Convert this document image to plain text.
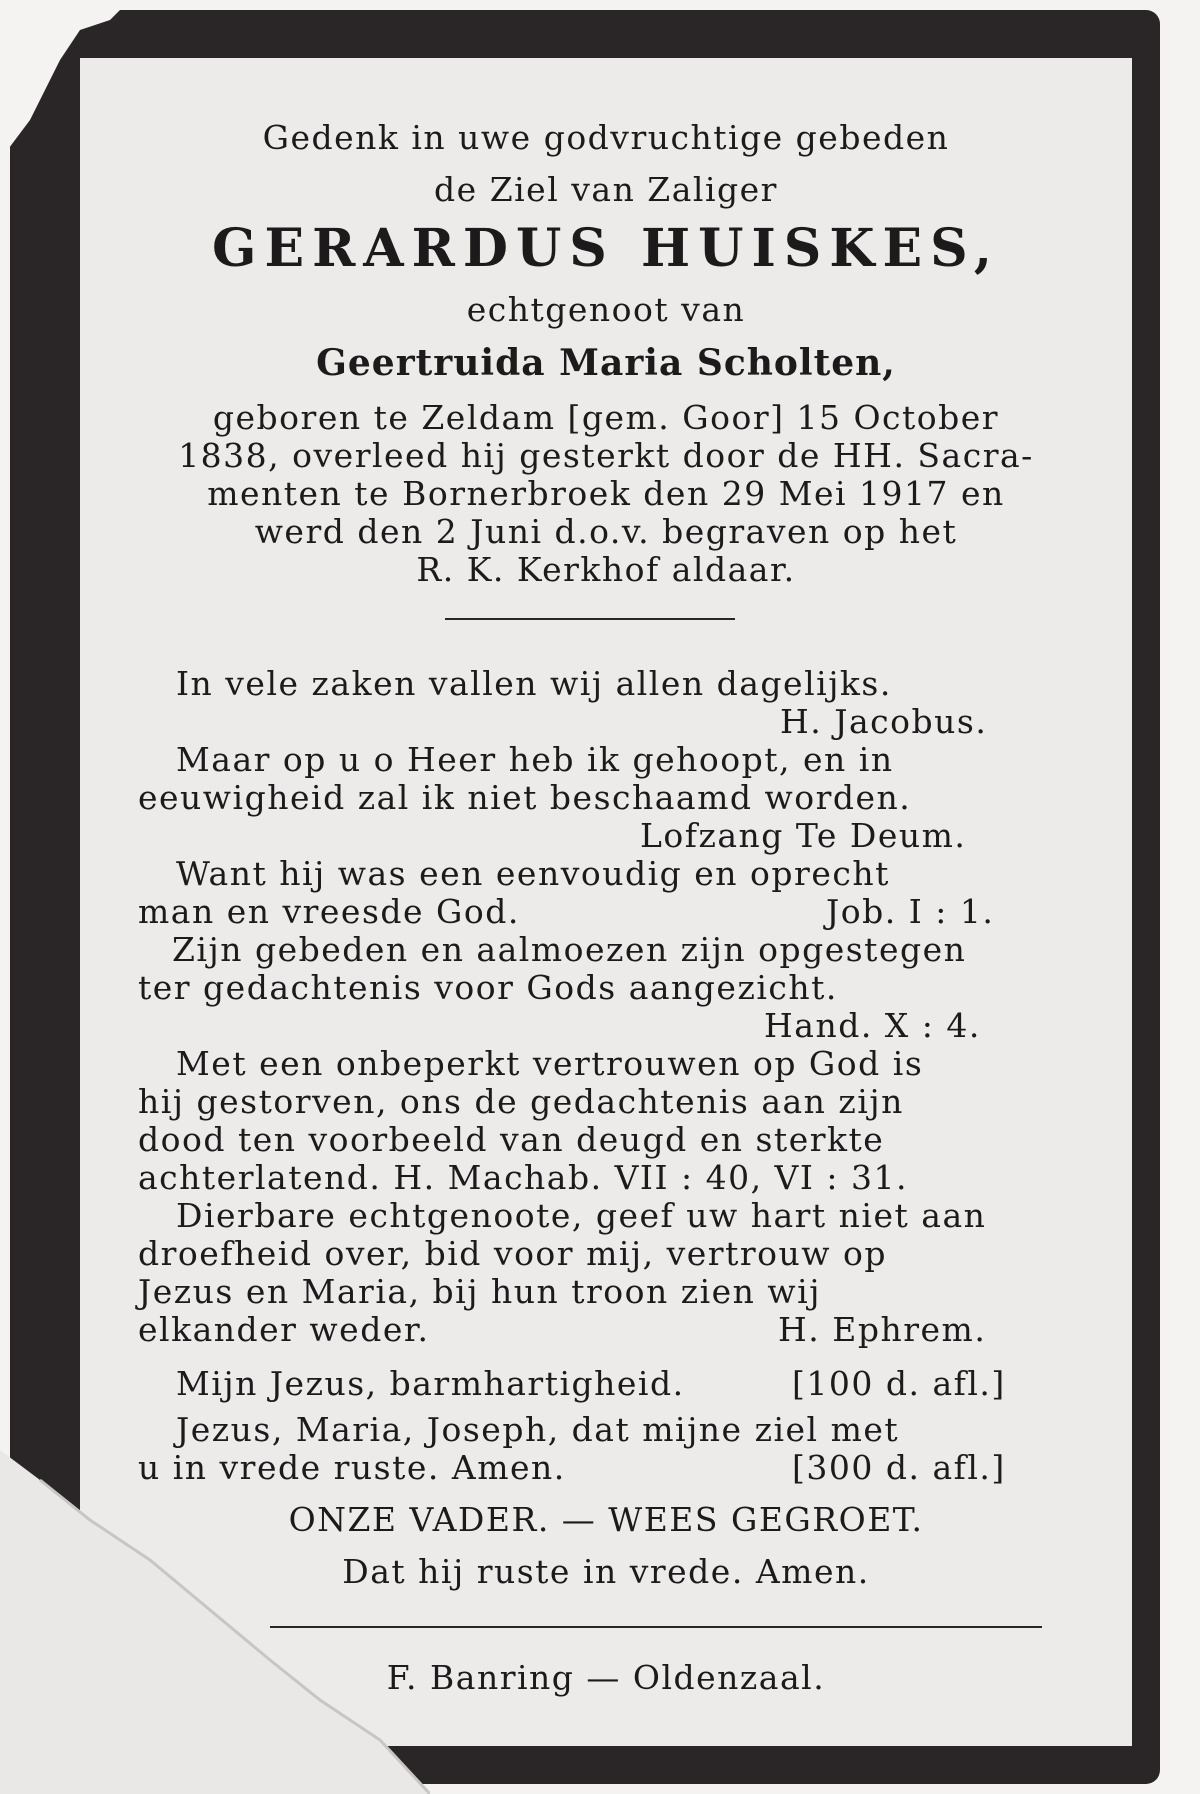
Gedenk in uwe godvruchtige gebeden
de Ziel van Zaliger
GERARDUS HUISKES,
echtgenoot van
Geertruida Maria Scholten,
geboren te Zeldam [gem. Goor] 15 October
1838, overleed hij gesterkt door de HH. Sacra-
menten te Bornerbroek den 29 Mei 1917 en
werd den 2 Juni d.o.v. begraven op het
R. K. Kerkhof aldaar.
In vele zaken vallen wij allen dagelijks.
H. Jacobus.
Maar op u o Heer heb ik gehoopt, en in
eeuwigheid zal ik niet beschaamd worden.
Lofzang Te Deum.
Want hij was een eenvoudig en oprecht
man en vreesde God.	Job. I : 1.
Zijn gebeden en aalmoezen zijn opgestegen
ter gedachtenis voor Gods aangezicht.
Hand. X : 4.
Met een onbeperkt vertrouwen op God is
hij gestorven, ons de gedachtenis aan zijn
dood ten voorbeeld van deugd en sterkte
achterlatend. H. Machab. VII : 40, VI : 31.
Dierbare echtgenoote, geef uw hart niet aan
droefheid over, bid voor mij, vertrouw op
Jezus en Maria, bij hun troon zien wij
elkander weder.	H. Ephrem.
Mijn Jezus, barmhartigheid.	[100 d. afl.]
Jezus, Maria, Joseph, dat mijne ziel met
u in vrede ruste. Amen.	[300 d. afl.]
ONZE VADER. — WEES GEGROET.
Dat hij ruste in vrede. Amen.
F. Banring — Oldenzaal.
